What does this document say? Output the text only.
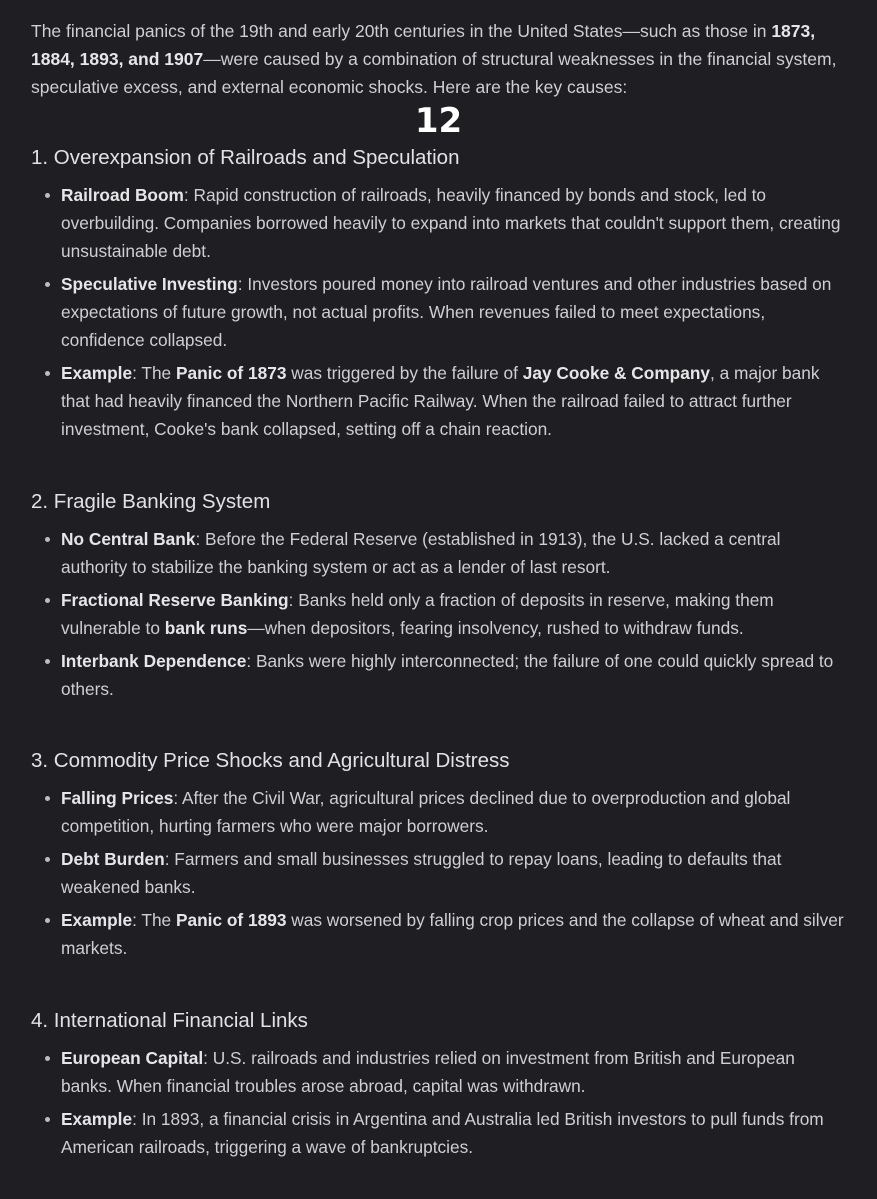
The financial panics of the 19th and early 20th centuries in the United States—such as those in 1873, 1884, 1893, and 1907—were caused by a combination of structural weaknesses in the financial system, speculative excess, and external economic shocks. Here are the key causes:

12
1. Overexpansion of Railroads and Speculation
Railroad Boom: Rapid construction of railroads, heavily financed by bonds and stock, led to overbuilding. Companies borrowed heavily to expand into markets that couldn't support them, creating unsustainable debt.
Speculative Investing: Investors poured money into railroad ventures and other industries based on expectations of future growth, not actual profits. When revenues failed to meet expectations, confidence collapsed.
Example: The Panic of 1873 was triggered by the failure of Jay Cooke & Company, a major bank that had heavily financed the Northern Pacific Railway. When the railroad failed to attract further investment, Cooke's bank collapsed, setting off a chain reaction.
2. Fragile Banking System
No Central Bank: Before the Federal Reserve (established in 1913), the U.S. lacked a central authority to stabilize the banking system or act as a lender of last resort.
Fractional Reserve Banking: Banks held only a fraction of deposits in reserve, making them vulnerable to bank runs—when depositors, fearing insolvency, rushed to withdraw funds.
Interbank Dependence: Banks were highly interconnected; the failure of one could quickly spread to others.
3. Commodity Price Shocks and Agricultural Distress
Falling Prices: After the Civil War, agricultural prices declined due to overproduction and global competition, hurting farmers who were major borrowers.
Debt Burden: Farmers and small businesses struggled to repay loans, leading to defaults that weakened banks.
Example: The Panic of 1893 was worsened by falling crop prices and the collapse of wheat and silver markets.
4. International Financial Links
European Capital: U.S. railroads and industries relied on investment from British and European banks. When financial troubles arose abroad, capital was withdrawn.
Example: In 1893, a financial crisis in Argentina and Australia led British investors to pull funds from American railroads, triggering a wave of bankruptcies.
